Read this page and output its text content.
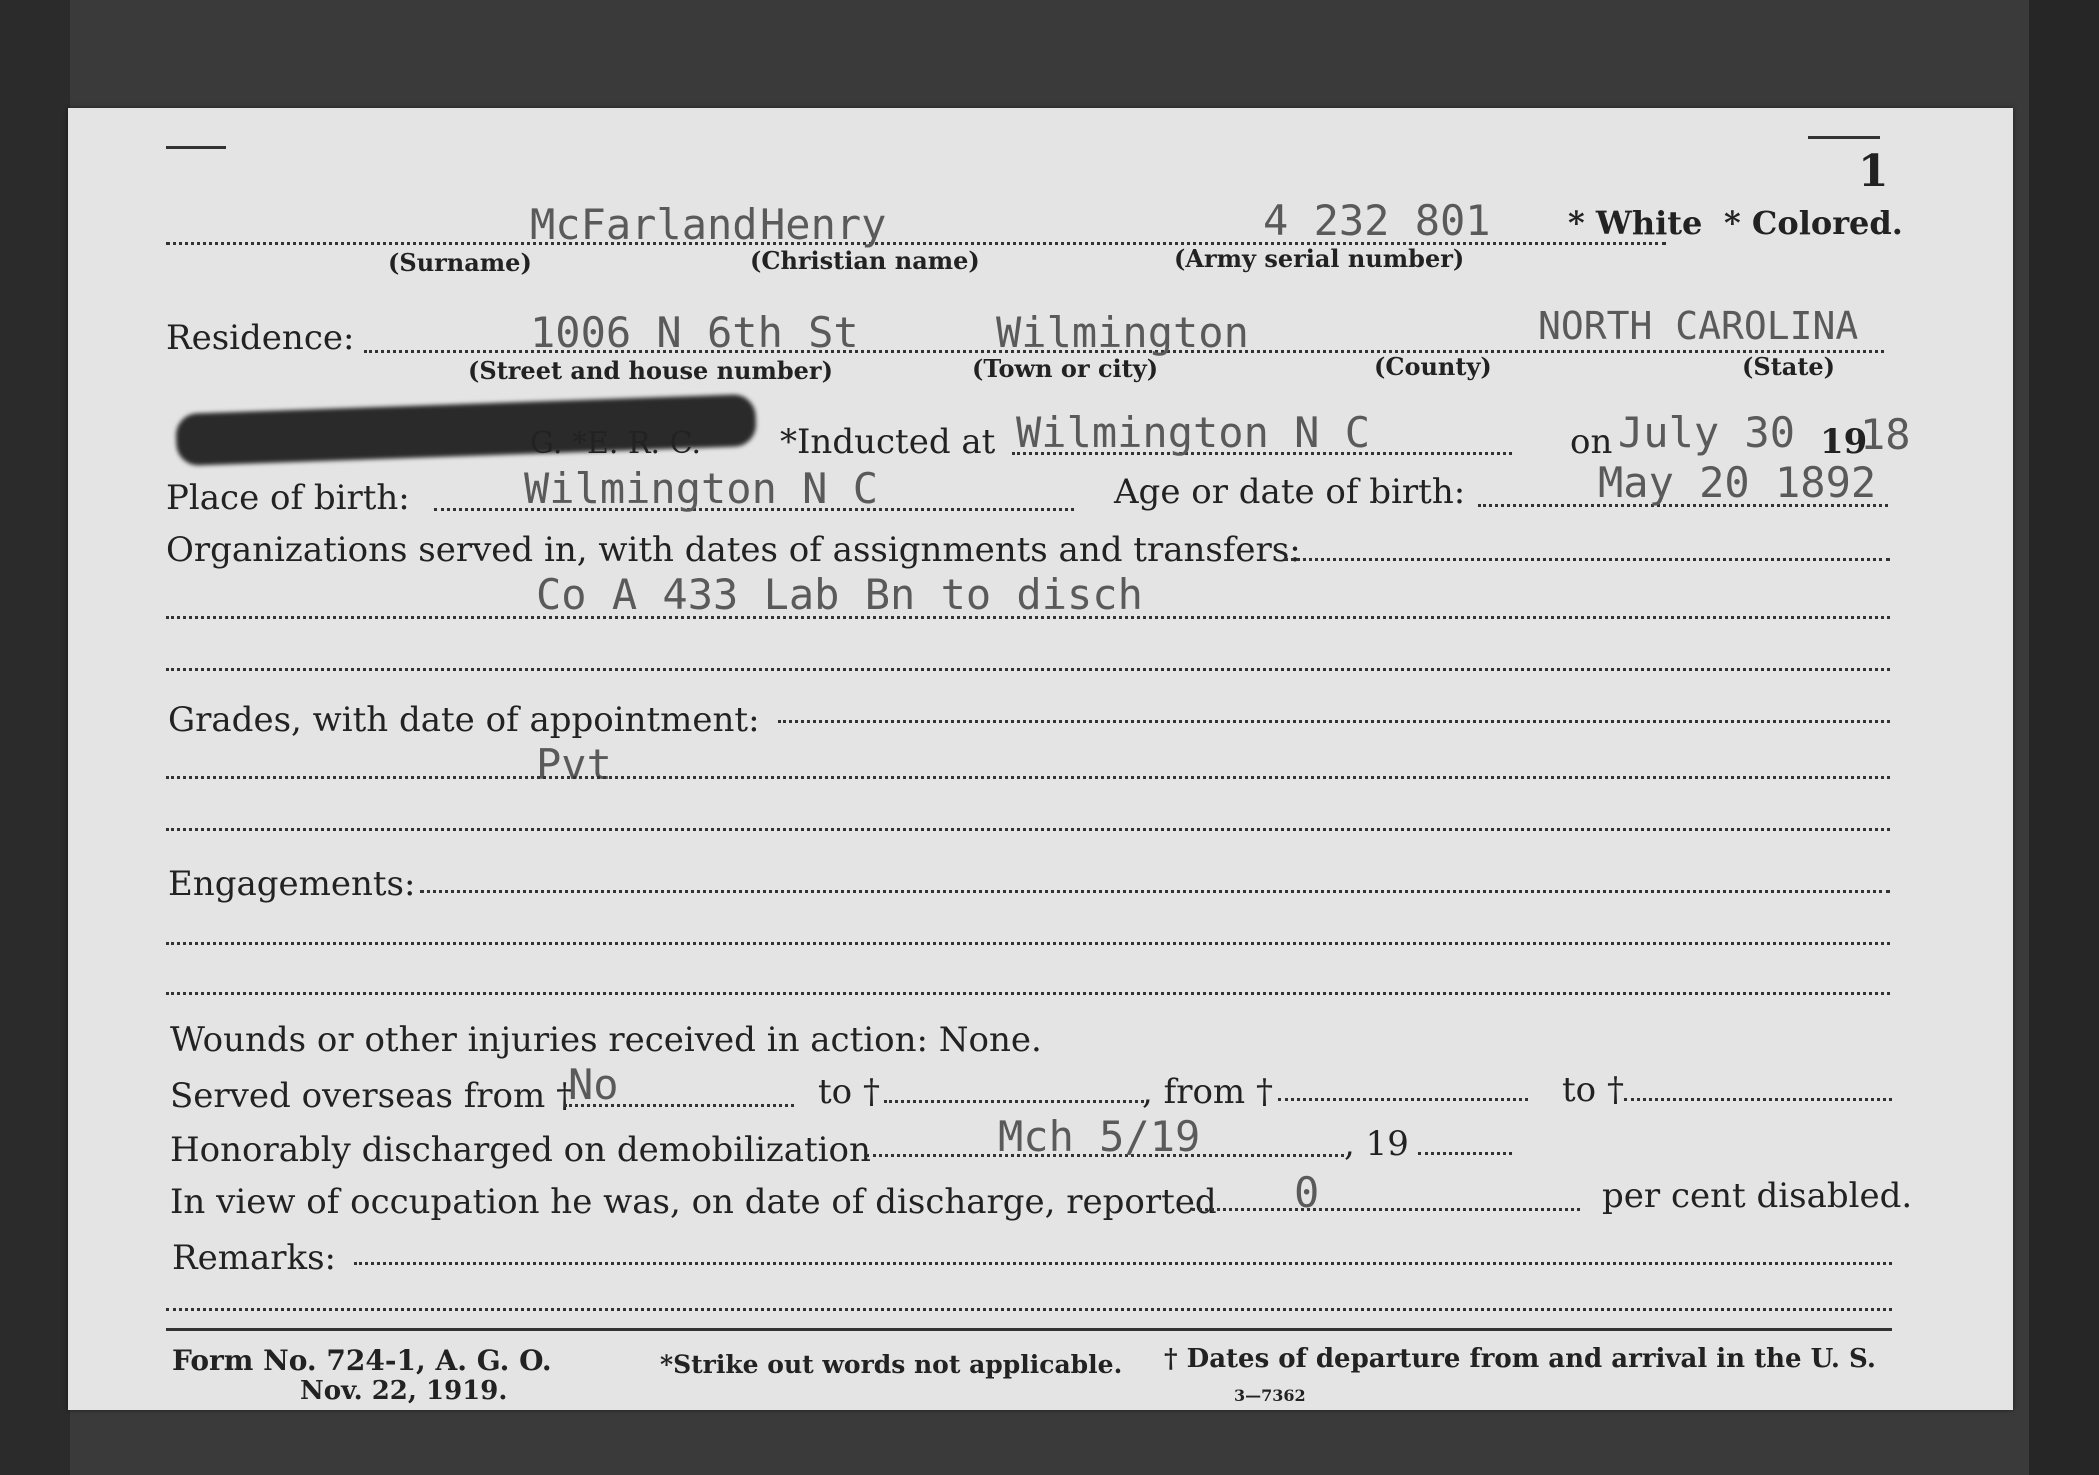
1
McFarland Henry	4 232 801 * White * Colored.
(Surname)	(Christian name)	(Army serial number)
Residence:	1006 N 6th St	Wilmington	NORTH CAROLINA
(Street and house number)	(Town or city)	(County)	(State)
G. *E. R. C. *Inducted at Wilmington N C	on July 30 19
18
Place of birth:	Wilmington N C	Age or date of birth:	May 20 1892
Organizations served in, with dates of assignments and transfers:
Co A 433 Lab Bn to disch
Grades, with date of appointment:
Pvt
Engagements:
Wounds or other injuries received in action: None.
Served overseas from †
No	to †	, from †	to †
Honorably discharged on demobilization	Mch 5/19	, 19
In view of occupation he was, on date of discharge, reported 0	per cent disabled.
Remarks:
Form No. 724-1, A. G. O.
Nov. 22, 1919.
*Strike out words not applicable. † Dates of departure from and arrival in the U. S.
3—7362
